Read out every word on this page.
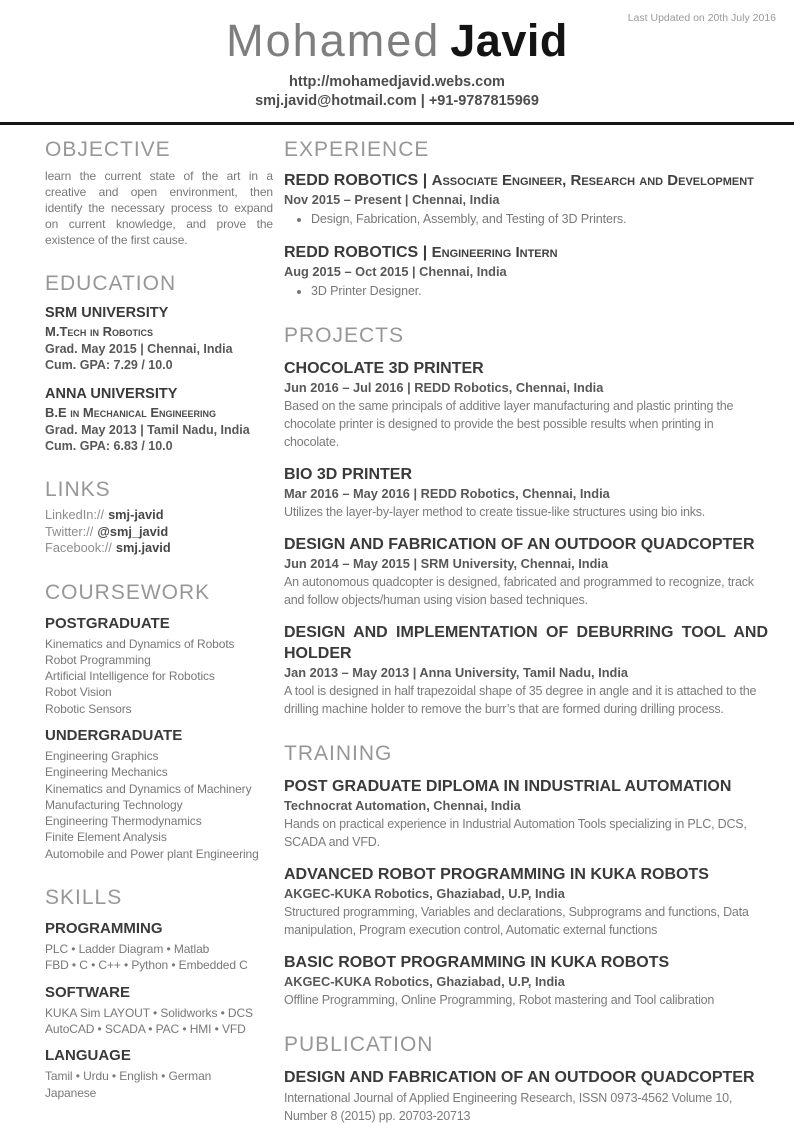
Last Updated on 20th July 2016
Mohamed Javid
http://mohamedjavid.webs.com
smj.javid@hotmail.com | +91-9787815969
OBJECTIVE

learn the current state of the art in a creative and open environment, then identify the necessary process to expand on current knowledge, and prove the existence of the first cause.

EDUCATION
SRM UNIVERSITY
M.Tech in Robotics
Grad. May 2015 | Chennai, India
Cum. GPA: 7.29 / 10.0
ANNA UNIVERSITY
B.E in Mechanical Engineering
Grad. May 2013 | Tamil Nadu, India
Cum. GPA: 6.83 / 10.0
LINKS
LinkedIn:// smj-javid
Twitter:// @smj_javid
Facebook:// smj.javid
COURSEWORK
POSTGRADUATE
Kinematics and Dynamics of Robots
Robot Programming
Artificial Intelligence for Robotics
Robot Vision
Robotic Sensors
UNDERGRADUATE
Engineering Graphics
Engineering Mechanics
Kinematics and Dynamics of Machinery
Manufacturing Technology
Engineering Thermodynamics
Finite Element Analysis
Automobile and Power plant Engineering
SKILLS
PROGRAMMING
PLC • Ladder Diagram • Matlab
FBD • C • C++ • Python • Embedded C
SOFTWARE
KUKA Sim LAYOUT • Solidworks • DCS
AutoCAD • SCADA • PAC • HMI • VFD
LANGUAGE
Tamil • Urdu • English • German
Japanese
EXPERIENCE
REDD ROBOTICS | Associate Engineer, Research and Development
Nov 2015 – Present | Chennai, India
• Design, Fabrication, Assembly, and Testing of 3D Printers.
REDD ROBOTICS | Engineering Intern
Aug 2015 – Oct 2015 | Chennai, India
• 3D Printer Designer.
PROJECTS
CHOCOLATE 3D PRINTER
Jun 2016 – Jul 2016 | REDD Robotics, Chennai, India

Based on the same principals of additive layer manufacturing and plastic printing the chocolate printer is designed to provide the best possible results when printing in chocolate.

BIO 3D PRINTER
Mar 2016 – May 2016 | REDD Robotics, Chennai, India

Utilizes the layer-by-layer method to create tissue-like structures using bio inks.

DESIGN AND FABRICATION OF AN OUTDOOR QUADCOPTER
Jun 2014 – May 2015 | SRM University, Chennai, India

An autonomous quadcopter is designed, fabricated and programmed to recognize, track and follow objects/human using vision based techniques.

DESIGN AND IMPLEMENTATION OF DEBURRING TOOL AND HOLDER
Jan 2013 – May 2013 | Anna University, Tamil Nadu, India

A tool is designed in half trapezoidal shape of 35 degree in angle and it is attached to the drilling machine holder to remove the burr’s that are formed during drilling process.

TRAINING
POST GRADUATE DIPLOMA IN INDUSTRIAL AUTOMATION
Technocrat Automation, Chennai, India

Hands on practical experience in Industrial Automation Tools specializing in PLC, DCS, SCADA and VFD.

ADVANCED ROBOT PROGRAMMING IN KUKA ROBOTS
AKGEC-KUKA Robotics, Ghaziabad, U.P, India

Structured programming, Variables and declarations, Subprograms and functions, Data manipulation, Program execution control, Automatic external functions

BASIC ROBOT PROGRAMMING IN KUKA ROBOTS
AKGEC-KUKA Robotics, Ghaziabad, U.P, India

Offline Programming, Online Programming, Robot mastering and Tool calibration

PUBLICATION
DESIGN AND FABRICATION OF AN OUTDOOR QUADCOPTER

International Journal of Applied Engineering Research, ISSN 0973-4562 Volume 10, Number 8 (2015) pp. 20703-20713
